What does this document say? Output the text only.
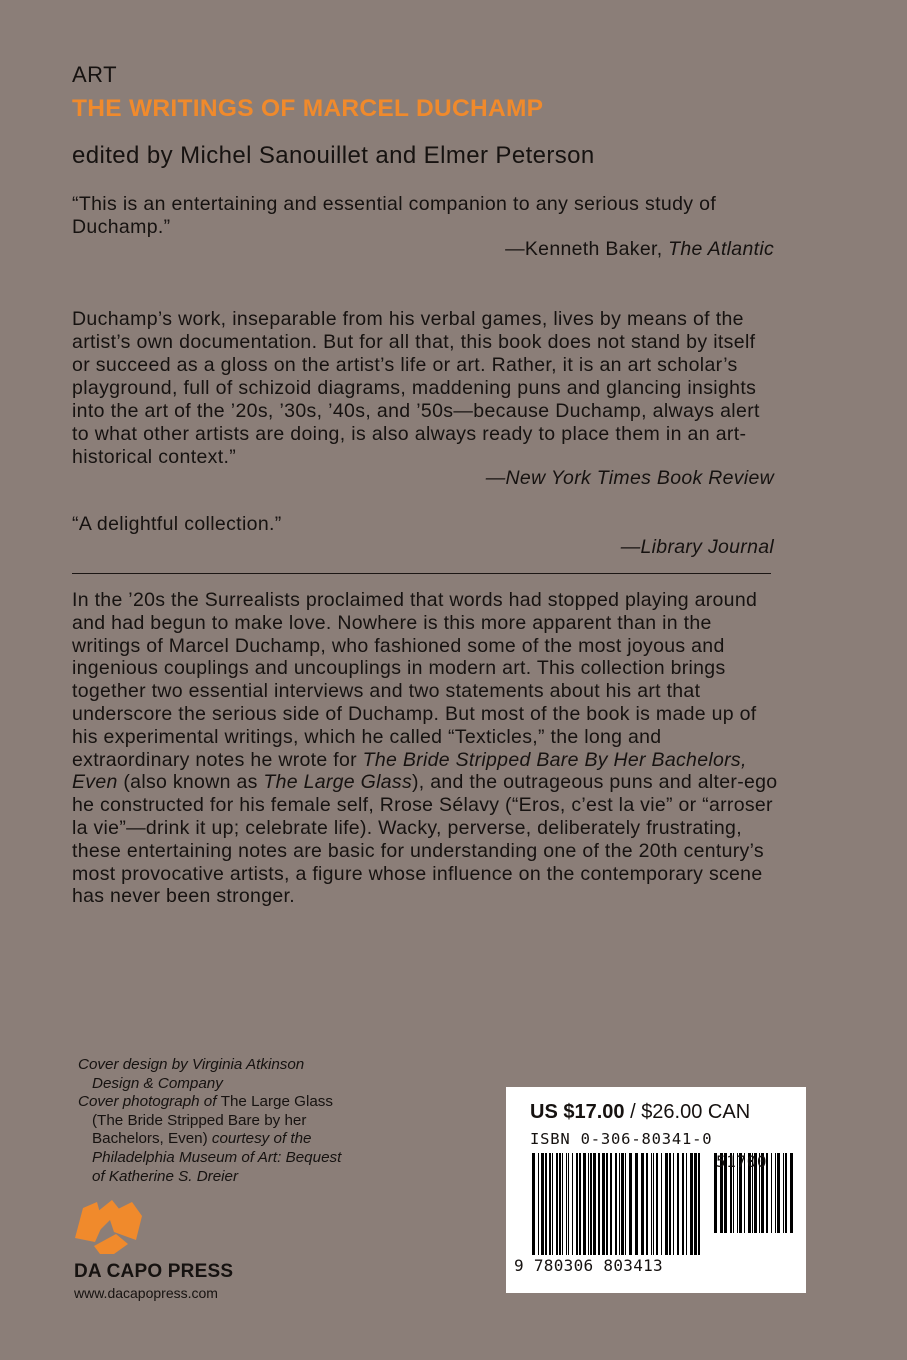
ART
THE WRITINGS OF MARCEL DUCHAMP
edited by Michel Sanouillet and Elmer Peterson
“This is an entertaining and essential companion to any serious study of Duchamp.”
—Kenneth Baker, The Atlantic
Duchamp’s work, inseparable from his verbal games, lives by means of the artist’s own documentation. But for all that, this book does not stand by itself or succeed as a gloss on the artist’s life or art. Rather, it is an art scholar’s playground, full of schizoid diagrams, maddening puns and glancing insights into the art of the ’20s, ’30s, ’40s, and ’50s—because Duchamp, always alert to what other artists are doing, is also always ready to place them in an art-historical context.”
—New York Times Book Review
“A delightful collection.”
—Library Journal
In the ’20s the Surrealists proclaimed that words had stopped playing around and had begun to make love. Nowhere is this more apparent than in the writings of Marcel Duchamp, who fashioned some of the most joyous and ingenious couplings and uncouplings in modern art. This collection brings together two essential interviews and two statements about his art that underscore the serious side of Duchamp. But most of the book is made up of his experimental writings, which he called “Texticles,” the long and extraordinary notes he wrote for The Bride Stripped Bare By Her Bachelors, Even (also known as The Large Glass), and the outrageous puns and alter-ego he constructed for his female self, Rrose Sélavy (“Eros, c’est la vie” or “arroser la vie”—drink it up; celebrate life). Wacky, perverse, deliberately frustrating, these entertaining notes are basic for understanding one of the 20th century’s most provocative artists, a figure whose influence on the contemporary scene has never been stronger.
Cover design by Virginia Atkinson

Design & Company
Cover photograph of The Large Glass

(The Bride Stripped Bare by her
Bachelors, Even) courtesy of the
Philadelphia Museum of Art: Bequest
of Katherine S. Dreier
DA CAPO PRESS
www.dacapopress.com
US $17.00 / $26.00 CAN
ISBN 0-306-80341-0
51700
9 780306 803413
